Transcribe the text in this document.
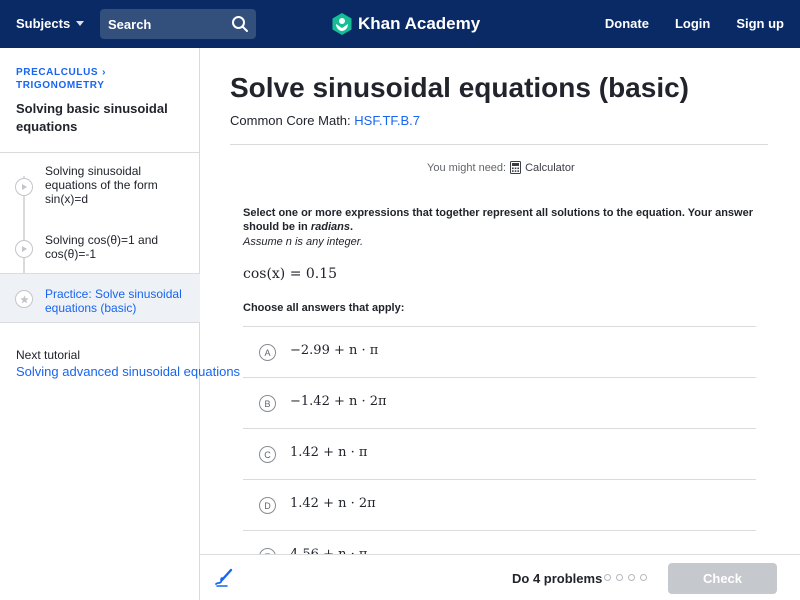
Subjects
Search	Khan Academy	Donate Login Sign up
PRECALCULUS ›
TRIGONOMETRY
Solving basic sinusoidal equations
Solving sinusoidal equations of the form sin(x)=d
Solving cos(θ)=1 and cos(θ)=-1
Practice: Solve sinusoidal equations (basic)
Next tutorial
Solving advanced sinusoidal equations
Solve sinusoidal equations (basic)
Common Core Math: HSF.TF.B.7
You might need: Calculator
Select one or more expressions that together represent all solutions to the equation. Your answer should be in radians.
Assume n is any integer.
cos(x) = 0.15
Choose all answers that apply:
A	−2.99 + n · π
B	−1.42 + n · 2π
C	1.42 + n · π
D	1.42 + n · 2π
Do 4 problems	Check
